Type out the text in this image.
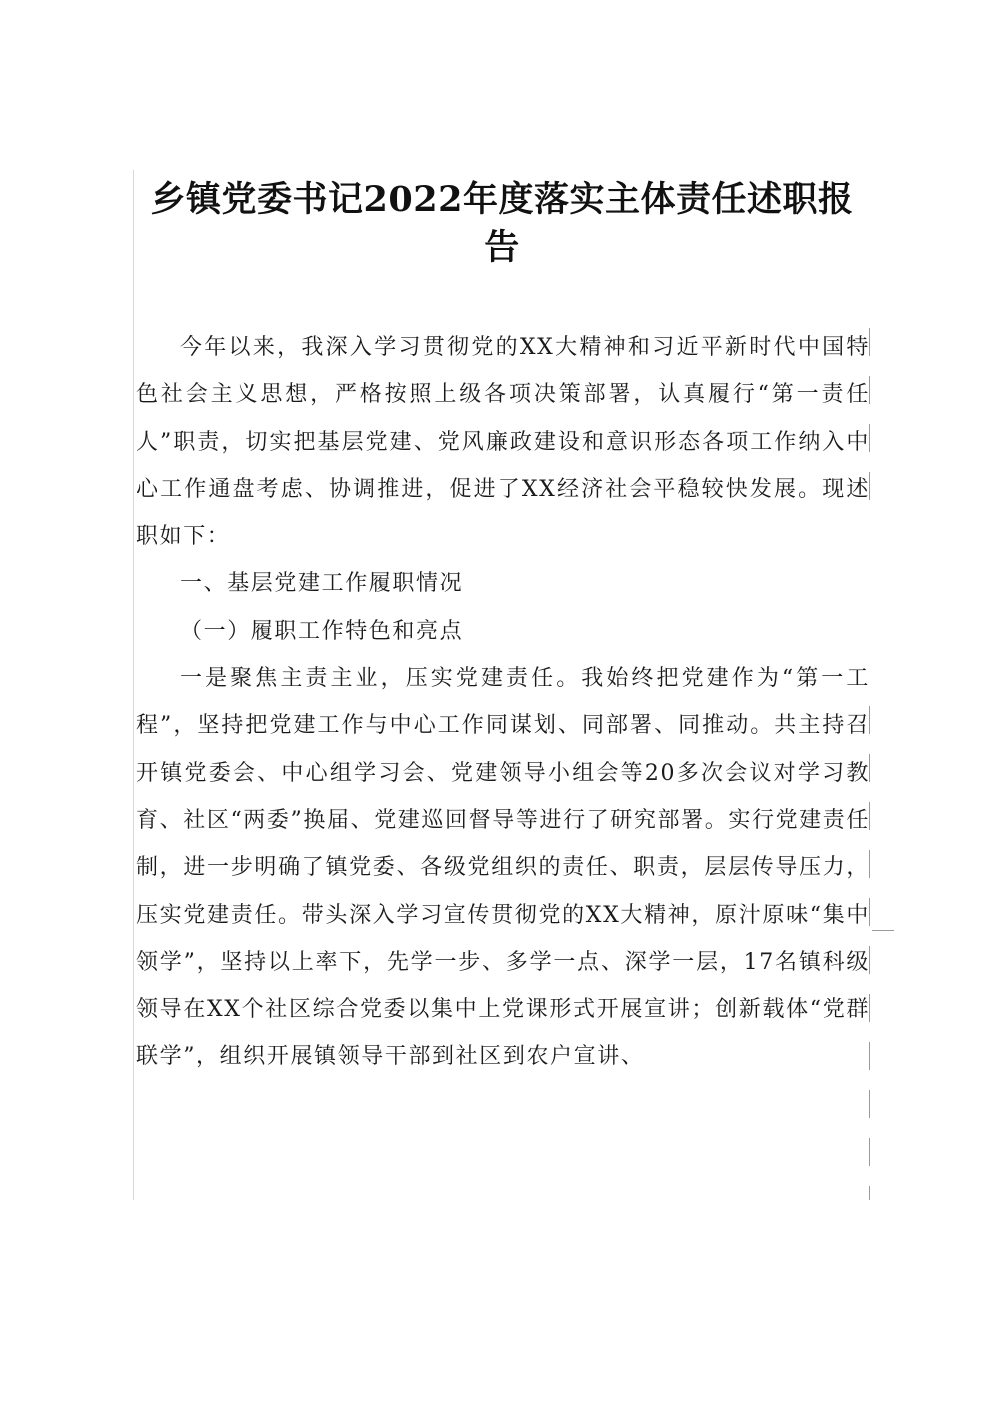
乡镇党委书记2022年度落实主体责任述职报告

今年以来，我深入学习贯彻党的XX大精神和习近平新时代中国特色社会主义思想，严格按照上级各项决策部署，认真履行“第一责任人”职责，切实把基层党建、党风廉政建设和意识形态各项工作纳入中心工作通盘考虑、协调推进，促进了XX经济社会平稳较快发展。现述职如下：

一、基层党建工作履职情况

（一）履职工作特色和亮点

一是聚焦主责主业，压实党建责任。我始终把党建作为“第一工程”，坚持把党建工作与中心工作同谋划、同部署、同推动。共主持召开镇党委会、中心组学习会、党建领导小组会等20多次会议对学习教育、社区“两委”换届、党建巡回督导等进行了研究部署。实行党建责任制，进一步明确了镇党委、各级党组织的责任、职责，层层传导压力，压实党建责任。带头深入学习宣传贯彻党的XX大精神，原汁原味“集中领学”，坚持以上率下，先学一步、多学一点、深学一层，17名镇科级领导在XX个社区综合党委以集中上党课形式开展宣讲；创新载体“党群联学”，组织开展镇领导干部到社区到农户宣讲、
